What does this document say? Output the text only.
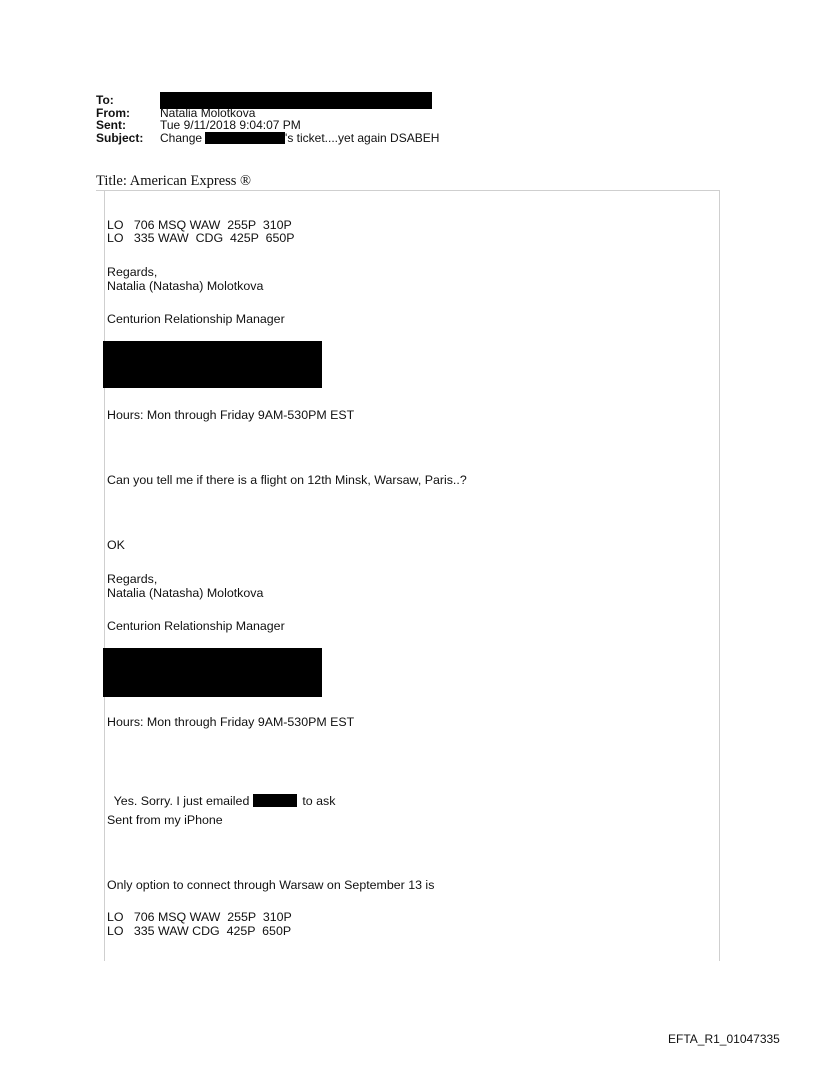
To:
From:	Natalia Molotkova
Sent:	Tue 9/11/2018 9:04:07 PM
Subject:	Change	's ticket....yet again DSABEH
Title: American Express ®
LO   706 MSQ WAW  255P  310P
LO   335 WAW  CDG  425P  650P
Regards,
Natalia (Natasha) Molotkova
Centurion Relationship Manager
Hours: Mon through Friday 9AM-530PM EST
Can you tell me if there is a flight on 12th Minsk, Warsaw, Paris..?
OK
Regards,
Natalia (Natasha) Molotkova
Centurion Relationship Manager
Hours: Mon through Friday 9AM-530PM EST

Yes. Sorry. I just emailed	to ask

Sent from my iPhone
Only option to connect through Warsaw on September 13 is
LO   706 MSQ WAW  255P  310P
LO   335 WAW CDG  425P  650P
EFTA_R1_01047335
